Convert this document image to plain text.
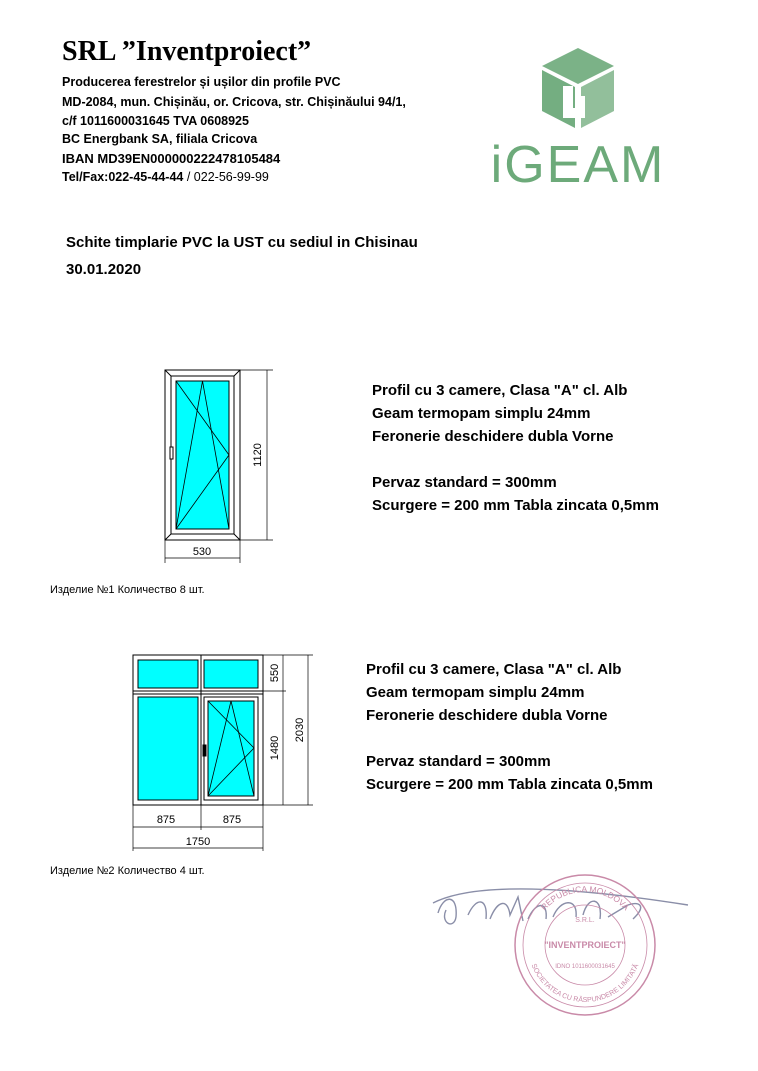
SRL ”Inventproiect”
Producerea ferestrelor și ușilor din profile PVC
MD-2084, mun. Chișinău, or. Cricova, str. Chișinăului 94/1,
c/f 1011600031645 TVA 0608925
BC Energbank SA, filiala Cricova
IBAN MD39EN000000222478105484
Tel/Fax:022-45-44-44 / 022-56-99-99	iGEAM
Schite timplarie PVC la UST cu sediul in Chisinau
30.01.2020
530
1120
Profil cu 3 camere, Clasa "A" cl. Alb
Geam termopam simplu 24mm
Feronerie deschidere dubla Vorne
Pervaz standard = 300mm
Scurgere = 200 mm Tabla zincata 0,5mm
Изделие №1 Количество 8 шт.
875	875
1750
550
1480
2030
Profil cu 3 camere, Clasa "A" cl. Alb
Geam termopam simplu 24mm
Feronerie deschidere dubla Vorne
Pervaz standard = 300mm
Scurgere = 200 mm Tabla zincata 0,5mm
Изделие №2 Количество 4 шт.
REPUBLICA MOLDOVA
SOCIETATEA CU RĂSPUNDERE LIMITATĂ
S.R.L.
"INVENTPROIECT"
IDNO 1011600031645
